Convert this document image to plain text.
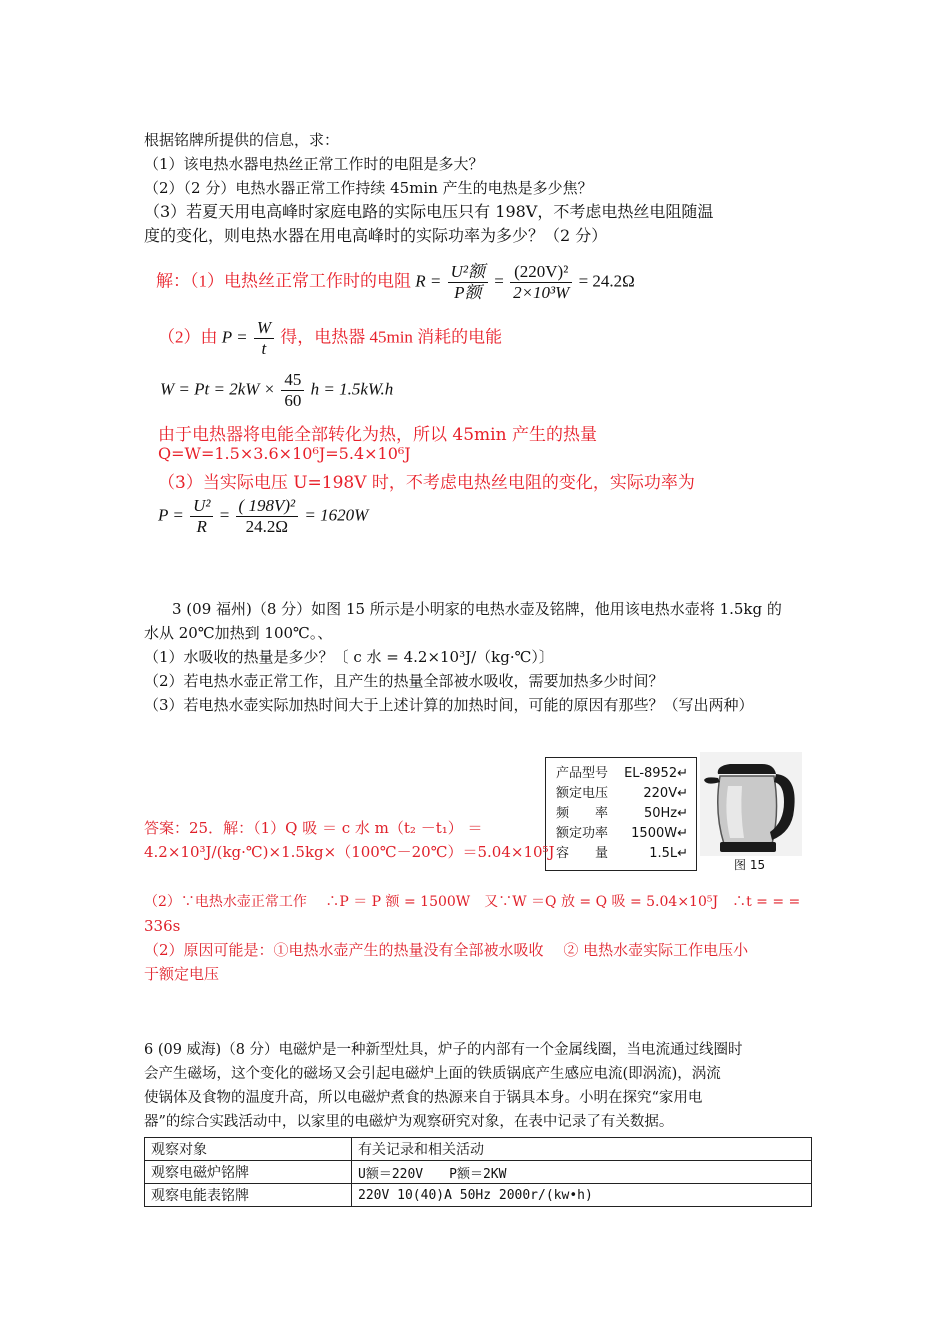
根据铭牌所提供的信息，求：
（1）该电热水器电热丝正常工作时的电阻是多大？
（2）（2 分）电热水器正常工作持续 45min 产生的电热是多少焦？
（3）若夏天用电高峰时家庭电路的实际电压只有 198V，不考虑电热丝电阻随温
度的变化，则电热水器在用电高峰时的实际功率为多少？（2 分）
解：（1）电热丝正常工作时的电阻 $R = \frac{\text{U²额}}{\text{P额}} = \frac{\text{(220V)²}}{\text{2×10³W}} = 24.2\Omega$
（2）由 $P = \frac{W}{t}$ 得，电热器 45min 消耗的电能
$W = Pt = 2kW \times \frac{45}{60}$ h = 1.5kW.h
由于电热器将电能全部转化为热，所以 45min 产生的热量
Q=W=1.5×3.6×10⁶J=5.4×10⁶J
（3）当实际电压 U=198V 时，不考虑电热丝电阻的变化，实际功率为
$P = \frac{\text{U²}}{R} = \frac{\text{( 198V)²}}{24.2\Omega} = 1620W$
3 (09 福州)（8 分）如图 15 所示是小明家的电热水壶及铭牌，他用该电热水壶将 1.5kg 的
水从 20℃加热到 100℃。、
（1）水吸收的热量是多少？〔 c 水 = 4.2×10³J/（kg·℃）〕
（2）若电热水壶正常工作，且产生的热量全部被水吸收，需要加热多少时间？
（3）若电热水壶实际加热时间大于上述计算的加热时间，可能的原因有那些？（写出两种）
产品型号 EL-8952↵
额定电压	220V↵
频　　率	50Hz↵
额定功率 1500W↵
容　　量	1.5L↵
图 15
答案：25．解：（1）Q 吸 ＝ c 水 m（t₂ －t₁） ＝
4.2×10³J/(kg·℃)×1.5kg×（100℃－20℃）＝5.04×10⁵J
（2）∵电热水壶正常工作　 ∴P ＝ P 额 = 1500W　又∵W ＝Q 放 = Q 吸 = 5.04×10⁵J　∴t = = =
336s
（2）原因可能是：①电热水壶产生的热量没有全部被水吸收　 ② 电热水壶实际工作电压小
于额定电压
6 (09 威海)（8 分）电磁炉是一种新型灶具，炉子的内部有一个金属线圈，当电流通过线圈时
会产生磁场，这个变化的磁场又会引起电磁炉上面的铁质锅底产生感应电流(即涡流)，涡流
使锅体及食物的温度升高，所以电磁炉煮食的热源来自于锅具本身。小明在探究“家用电
器”的综合实践活动中，以家里的电磁炉为观察研究对象，在表中记录了有关数据。
观察对象	有关记录和相关活动
观察电磁炉铭牌	U额＝220V　　P额＝2KW
观察电能表铭牌	220V 10(40)A 50Hz 2000r/(kw•h)
